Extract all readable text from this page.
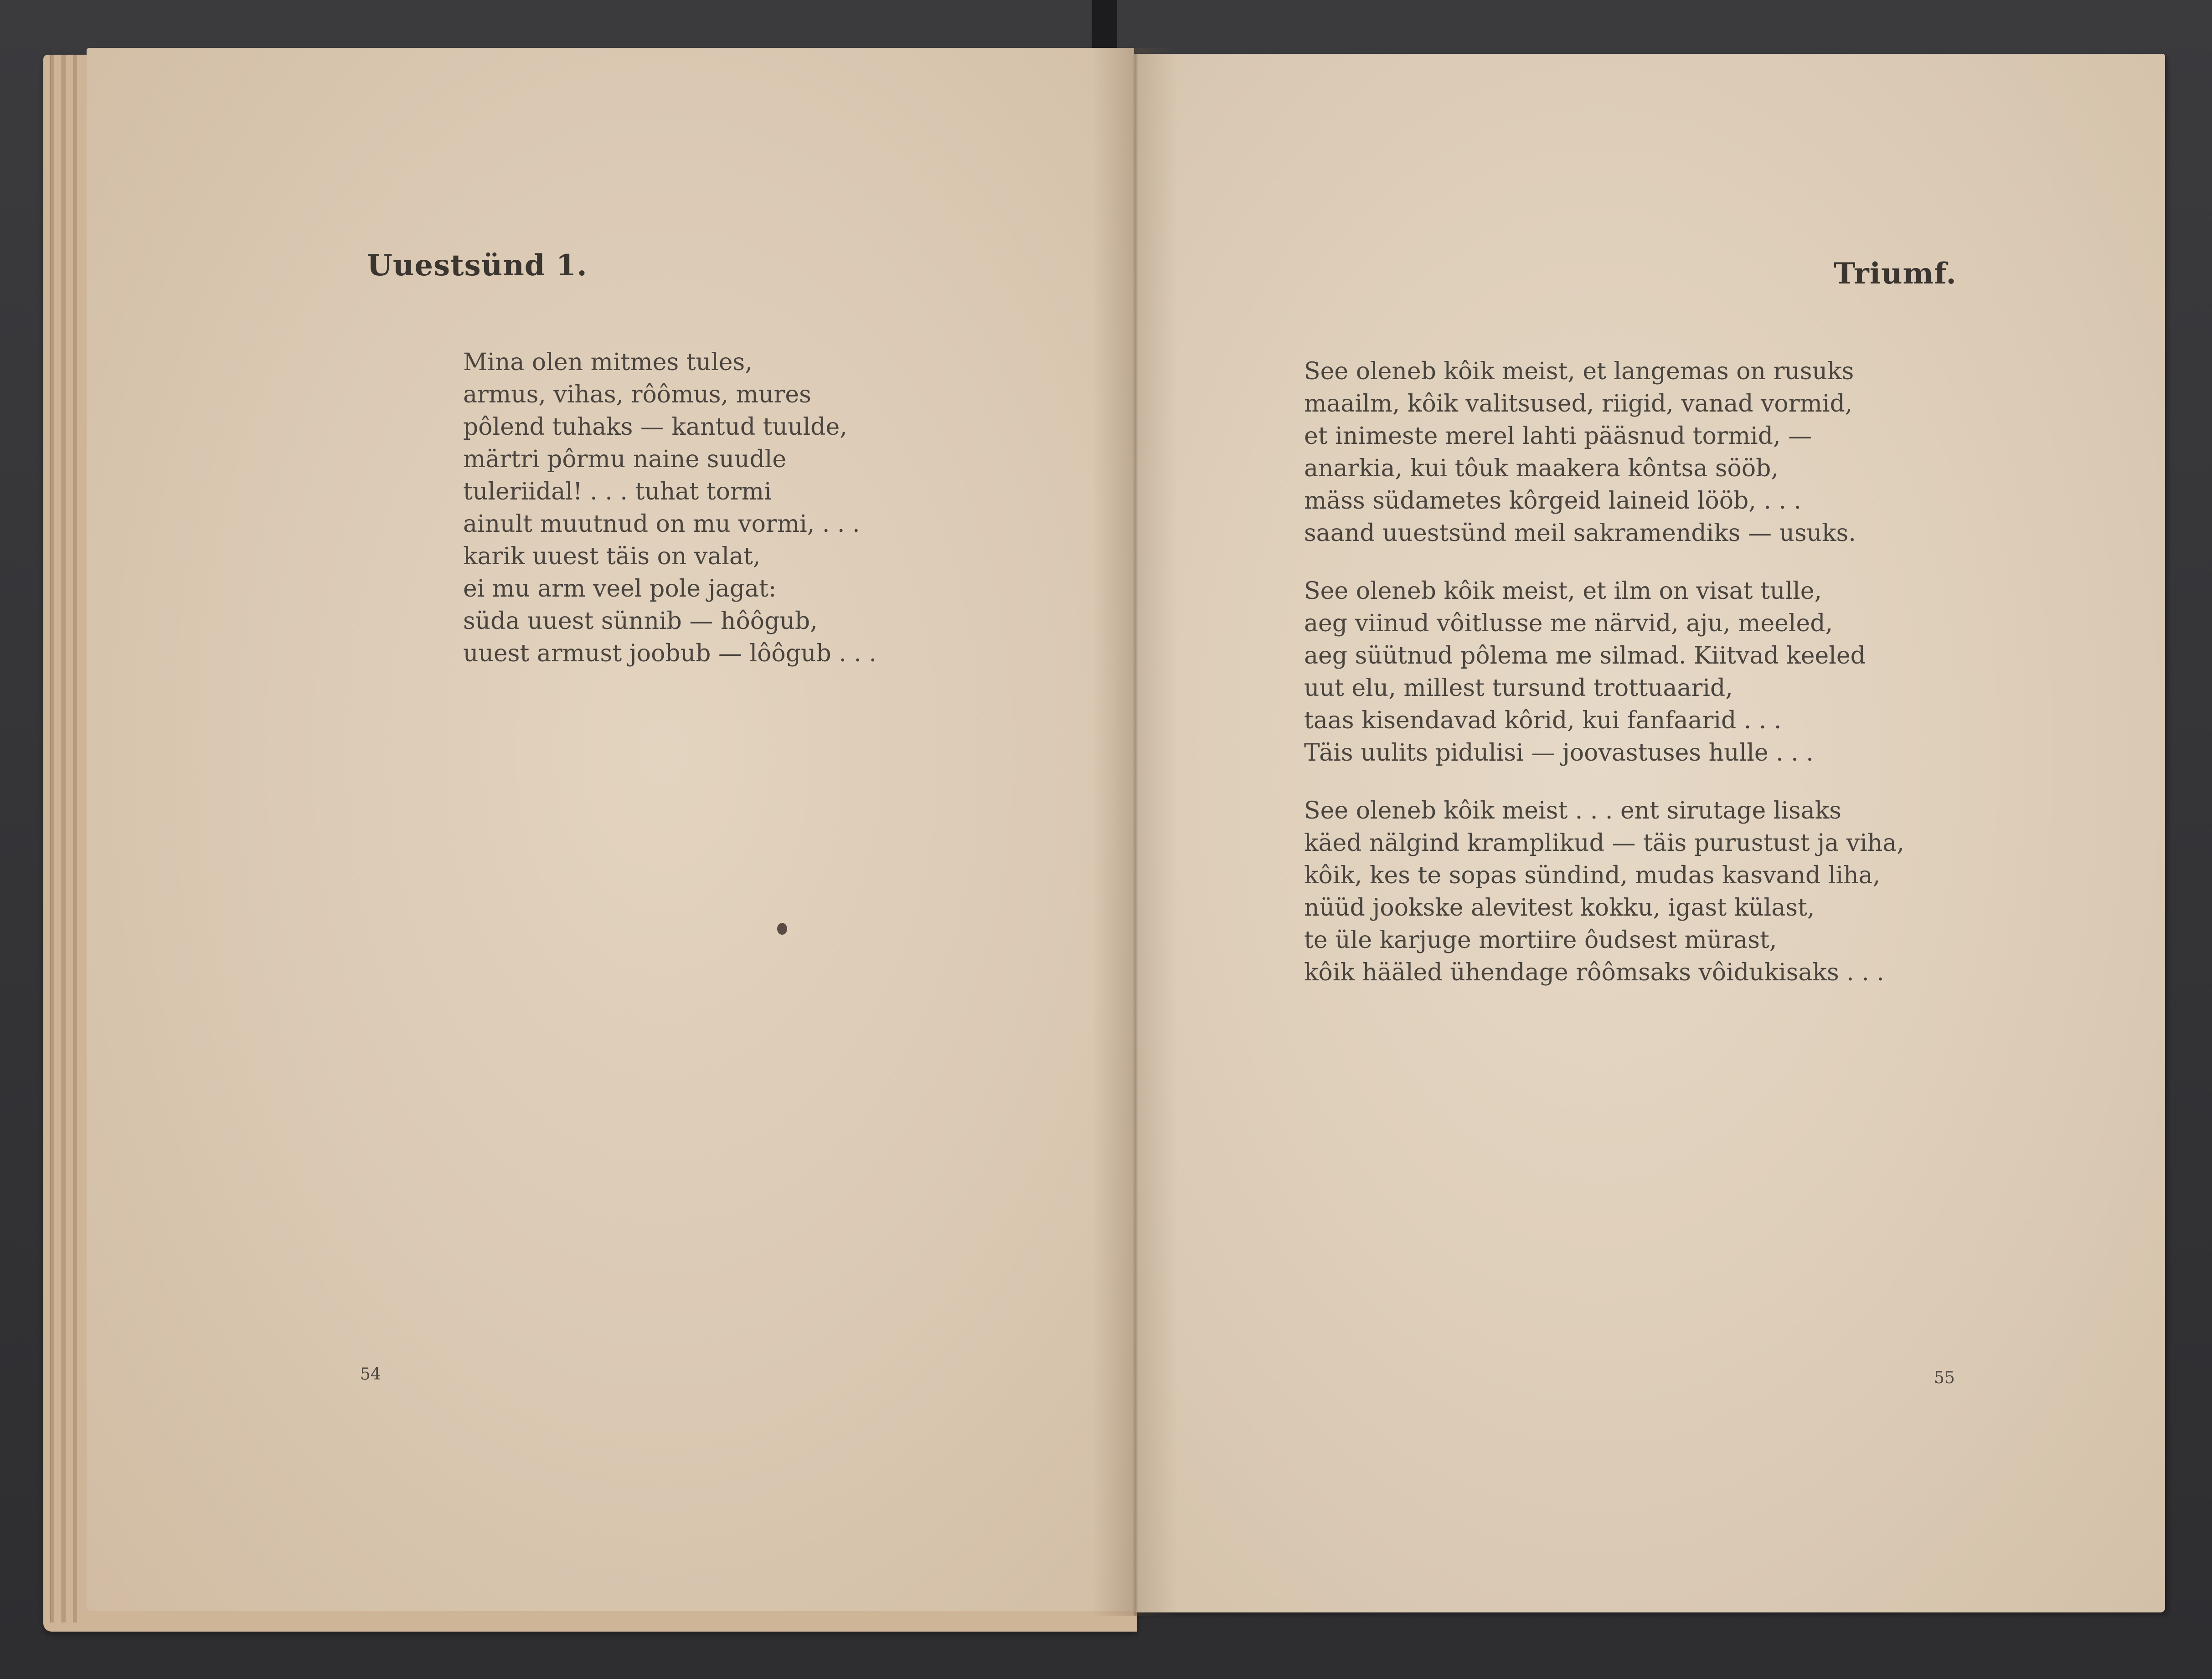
Uuestsünd 1.
Mina olen mitmes tules,
armus, vihas, rôômus, mures
pôlend tuhaks — kantud tuulde,
märtri pôrmu naine suudle
tuleriidal! . . . tuhat tormi
ainult muutnud on mu vormi, . . .
karik uuest täis on valat,
ei mu arm veel pole jagat:
süda uuest sünnib — hôôgub,
uuest armust joobub — lôôgub . . .

54

Triumf.
See oleneb kôik meist, et langemas on rusuks
maailm, kôik valitsused, riigid, vanad vormid,
et inimeste merel lahti pääsnud tormid, —
anarkia, kui tôuk maakera kôntsa sööb,
mäss südametes kôrgeid laineid lööb, . . .
saand uuestsünd meil sakramendiks — usuks.
See oleneb kôik meist, et ilm on visat tulle,
aeg viinud vôitlusse me närvid, aju, meeled,
aeg süütnud pôlema me silmad. Kiitvad keeled
uut elu, millest tursund trottuaarid,
taas kisendavad kôrid, kui fanfaarid . . .
Täis uulits pidulisi — joovastuses hulle . . .
See oleneb kôik meist . . . ent sirutage lisaks
käed nälgind kramplikud — täis purustust ja viha,
kôik, kes te sopas sündind, mudas kasvand liha,
nüüd jookske alevitest kokku, igast külast,
te üle karjuge mortiire ôudsest mürast,
kôik hääled ühendage rôômsaks vôidukisaks . . .

55
